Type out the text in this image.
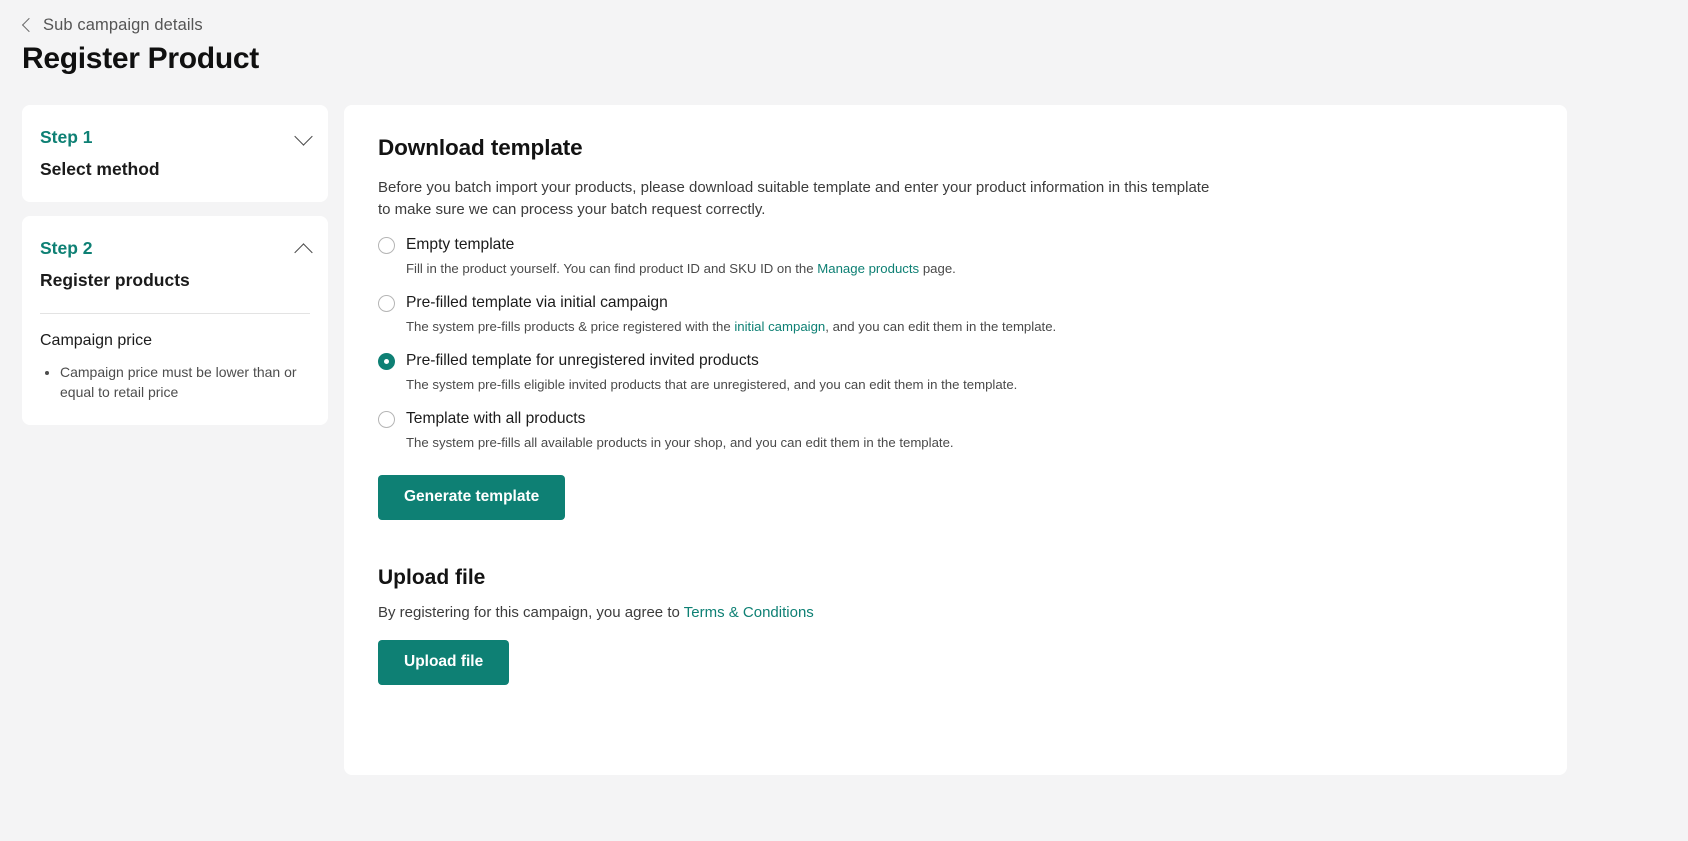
Sub campaign details
Register Product
Step 1
Select method
Step 2
Register products
Campaign price
• Campaign price must be lower than or equal to retail price
Download template

Before you batch import your products, please download suitable template and enter your product information in this template to make sure we can process your batch request correctly.

Empty template
Fill in the product yourself. You can find product ID and SKU ID on the Manage products page.
Pre-filled template via initial campaign
The system pre-fills products & price registered with the initial campaign, and you can edit them in the template.
Pre-filled template for unregistered invited products
The system pre-fills eligible invited products that are unregistered, and you can edit them in the template.
Template with all products
The system pre-fills all available products in your shop, and you can edit them in the template.
Generate template
Upload file

By registering for this campaign, you agree to Terms & Conditions

Upload file
